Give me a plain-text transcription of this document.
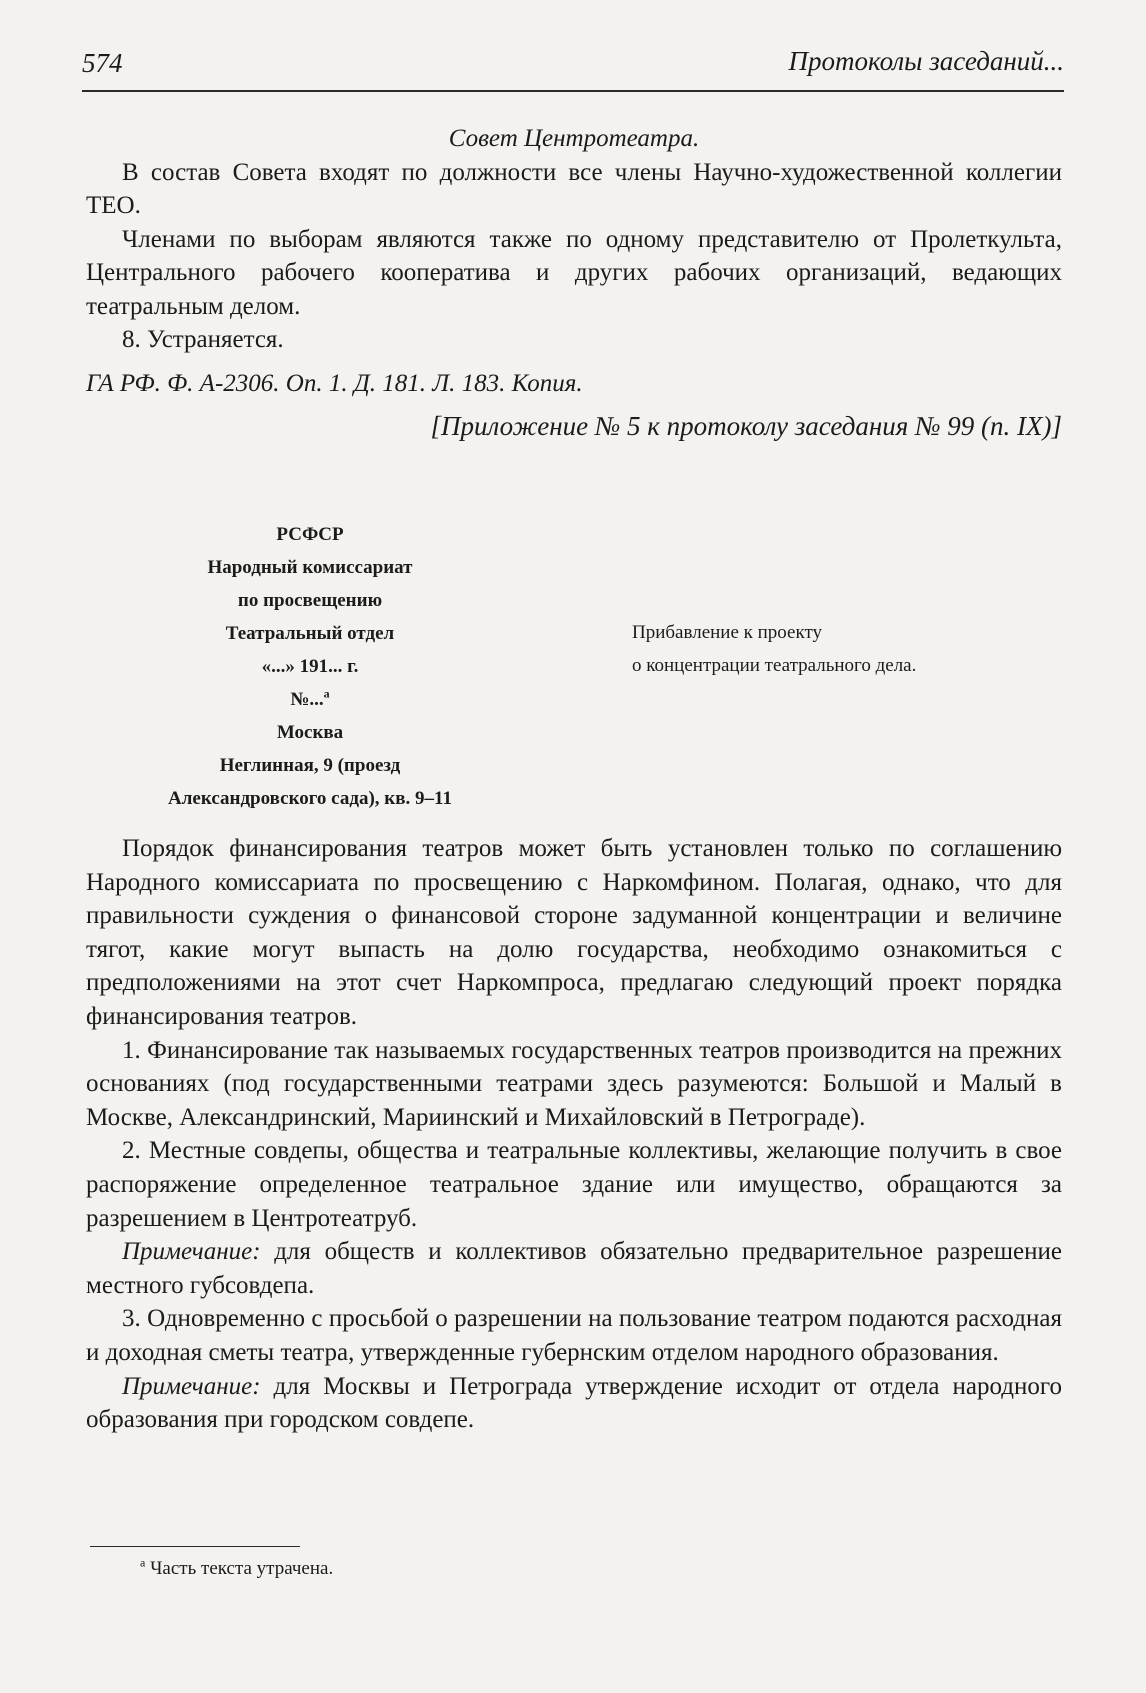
574	Протоколы заседаний...

Совет Центротеатра.

В состав Совета входят по должности все члены Научно-художественной коллегии ТЕО.

Членами по выборам являются также по одному представителю от Пролеткульта, Центрального рабочего кооператива и других рабочих организаций, ведающих театральным делом.

8. Устраняется.

ГА РФ. Ф. А-2306. Оп. 1. Д. 181. Л. 183. Копия.

[Приложение № 5 к протоколу заседания № 99 (п. IX)]

РСФСР
Народный комиссариат
по просвещению
Театральный отдел
«...» 191... г.
№...$^а$
Москва
Неглинная, 9 (проезд
Александровского сада), кв. 9–11
Прибавление к проекту
о концентрации театрального дела.

Порядок финансирования театров может быть установлен только по соглашению Народного комиссариата по просвещению с Наркомфином. Полагая, однако, что для правильности суждения о финансовой стороне задуманной концентрации и величине тягот, какие могут выпасть на долю государства, необходимо ознакомиться с предположениями на этот счет Наркомпроса, предлагаю следующий проект порядка финансирования театров.

1. Финансирование так называемых государственных театров производится на прежних основаниях (под государственными театрами здесь разумеются: Большой и Малый в Москве, Александринский, Мариинский и Михайловский в Петрограде).

2. Местные совдепы, общества и театральные коллективы, желающие получить в свое распоряжение определенное театральное здание или имущество, обращаются за разрешением в Центротеатруб.

Примечание: для обществ и коллективов обязательно предварительное разрешение местного губсовдепа.

3. Одновременно с просьбой о разрешении на пользование театром подаются расходная и доходная сметы театра, утвержденные губернским отделом народного образования.

Примечание: для Москвы и Петрограда утверждение исходит от отдела народного образования при городском совдепе.

$^а$ Часть текста утрачена.
